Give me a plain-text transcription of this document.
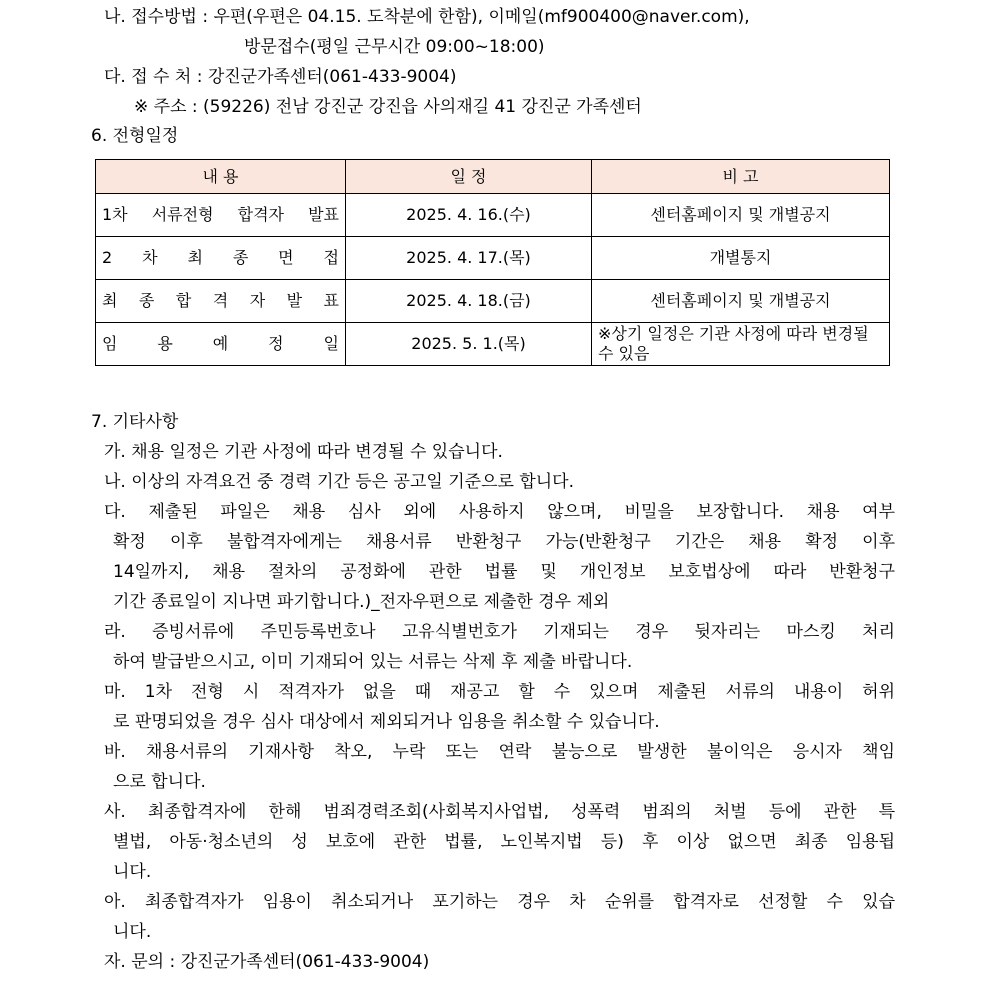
나. 접수방법 : 우편(우편은 04.15. 도착분에 한함), 이메일(mf900400@naver.com),
방문접수(평일 근무시간 09:00~18:00)
다. 접 수 처 : 강진군가족센터(061-433-9004)
※ 주소 : (59226) 전남 강진군 강진읍 사의재길 41 강진군 가족센터
6. 전형일정
내 용	일 정	비 고

1차 서류전형 합격자 발표	2025. 4. 16.(수)	센터홈페이지 및 개별공지

2 차 최 종 면 접	2025. 4. 17.(목)	개별통지

최 종 합 격 자 발 표	2025. 4. 18.(금)	센터홈페이지 및 개별공지

임 용 예 정 일	2025. 5. 1.(목)	※상기 일정은 기관 사정에 따라 변경될 수 있음
7. 기타사항
가. 채용 일정은 기관 사정에 따라 변경될 수 있습니다.
나. 이상의 자격요건 중 경력 기간 등은 공고일 기준으로 합니다.
다. 제출된 파일은 채용 심사 외에 사용하지 않으며, 비밀을 보장합니다. 채용 여부
확정 이후 불합격자에게는 채용서류 반환청구 가능(반환청구 기간은 채용 확정 이후
14일까지, 채용 절차의 공정화에 관한 법률 및 개인정보 보호법상에 따라 반환청구
기간 종료일이 지나면 파기합니다.)_전자우편으로 제출한 경우 제외
라. 증빙서류에 주민등록번호나 고유식별번호가 기재되는 경우 뒷자리는 마스킹 처리
하여 발급받으시고, 이미 기재되어 있는 서류는 삭제 후 제출 바랍니다.
마. 1차 전형 시 적격자가 없을 때 재공고 할 수 있으며 제출된 서류의 내용이 허위
로 판명되었을 경우 심사 대상에서 제외되거나 임용을 취소할 수 있습니다.
바. 채용서류의 기재사항 착오, 누락 또는 연락 불능으로 발생한 불이익은 응시자 책임
으로 합니다.
사. 최종합격자에 한해 범죄경력조회(사회복지사업법, 성폭력 범죄의 처벌 등에 관한 특
별법, 아동·청소년의 성 보호에 관한 법률, 노인복지법 등) 후 이상 없으면 최종 임용됩
니다.
아. 최종합격자가 임용이 취소되거나 포기하는 경우 차 순위를 합격자로 선정할 수 있습
니다.
자. 문의 : 강진군가족센터(061-433-9004)
